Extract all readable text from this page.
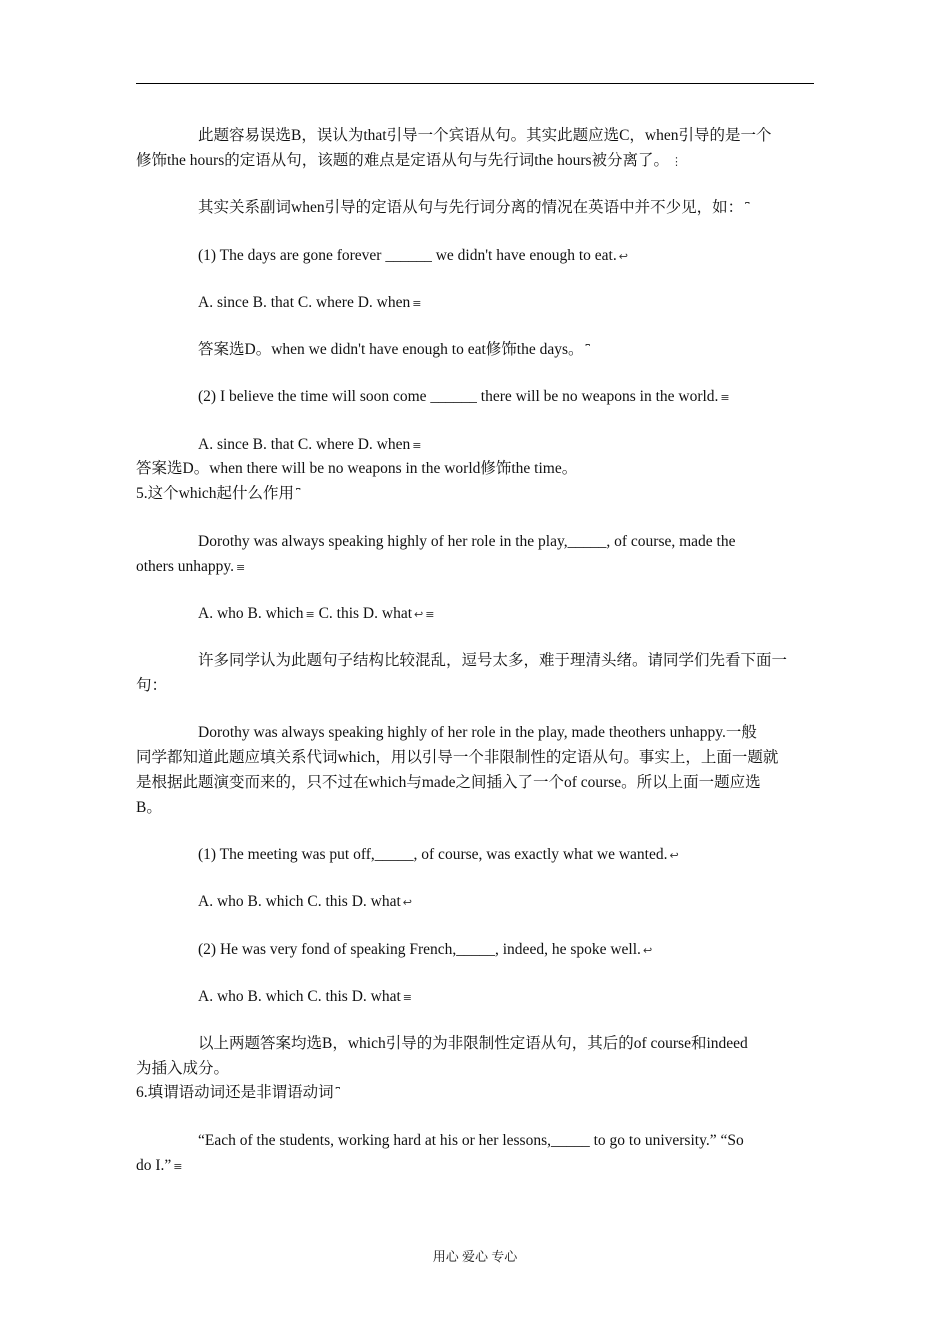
此题容易误选B，误认为that引导一个宾语从句。其实此题应选C，when引导的是一个
修饰the hours的定语从句，该题的难点是定语从句与先行词the hours被分离了。 ⋮
其实关系副词when引导的定语从句与先行词分离的情况在英语中并不少见，如： ⎴
(1) The days are gone forever ______ we didn't have enough to eat. ↩
A. since B. that C. where D. when ≡
答案选D。when we didn't have enough to eat修饰the days。 ⎴
(2) I believe the time will soon come ______ there will be no weapons in the world. ≡
A. since B. that C. where D. when ≡
答案选D。when there will be no weapons in the world修饰the time。
5.这个which起什么作用 ⎴
Dorothy was always speaking highly of her role in the play,_____, of course, made the
others unhappy. ≡
A. who B. which ≡ C. this D. what ↩ ≡
许多同学认为此题句子结构比较混乱，逗号太多，难于理清头绪。请同学们先看下面一
句：
Dorothy was always speaking highly of her role in the play, made theothers unhappy.一般
同学都知道此题应填关系代词which，用以引导一个非限制性的定语从句。事实上，上面一题就
是根据此题演变而来的，只不过在which与made之间插入了一个of course。所以上面一题应选
B。
(1) The meeting was put off,_____, of course, was exactly what we wanted. ↩
A. who B. which C. this D. what ↩
(2) He was very fond of speaking French,_____, indeed, he spoke well. ↩
A. who B. which C. this D. what ≡
以上两题答案均选B，which引导的为非限制性定语从句，其后的of course和indeed
为插入成分。
6.填谓语动词还是非谓语动词 ⎴
“Each of the students, working hard at his or her lessons,_____ to go to university.” “So
do I.” ≡
用心 爱心 专心
